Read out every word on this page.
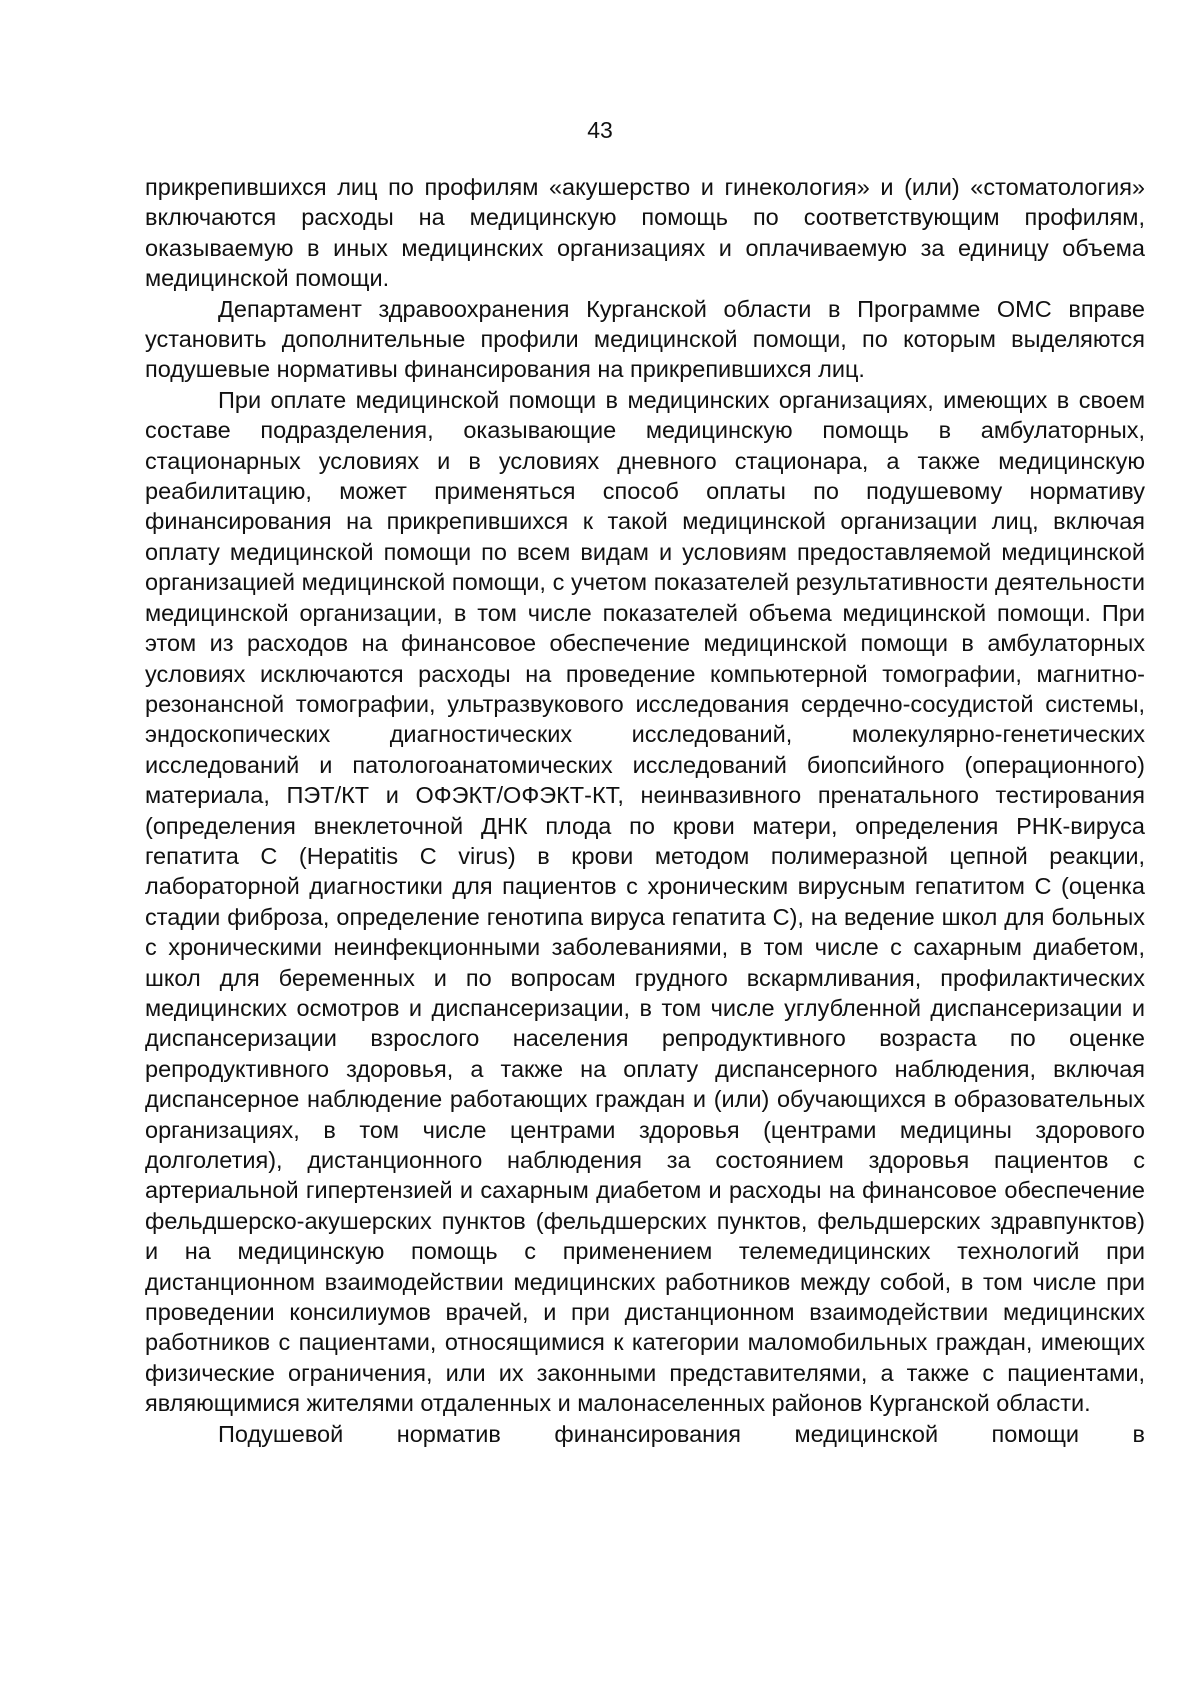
43

прикрепившихся лиц по профилям «акушерство и гинекология» и (или) «стоматология» включаются расходы на медицинскую помощь по соответствующим профилям, оказываемую в иных медицинских организациях и оплачиваемую за единицу объема медицинской помощи.

Департамент здравоохранения Курганской области в Программе ОМС вправе установить дополнительные профили медицинской помощи, по которым выделяются подушевые нормативы финансирования на прикрепившихся лиц.

При оплате медицинской помощи в медицинских организациях, имеющих в своем составе подразделения, оказывающие медицинскую помощь в амбулаторных, стационарных условиях и в условиях дневного стационара, а также медицинскую реабилитацию, может применяться способ оплаты по подушевому нормативу финансирования на прикрепившихся к такой медицинской организации лиц, включая оплату медицинской помощи по всем видам и условиям предоставляемой медицинской организацией медицинской помощи, с учетом показателей результативности деятельности медицинской организации, в том числе показателей объема медицинской помощи. При этом из расходов на финансовое обеспечение медицинской помощи в амбулаторных условиях исключаются расходы на проведение компьютерной томографии, магнитно-резонансной томографии, ультразвукового исследования сердечно-сосудистой системы, эндоскопических диагностических исследований, молекулярно-генетических исследований и патологоанатомических исследований биопсийного (операционного) материала, ПЭТ/КТ и ОФЭКТ/ОФЭКТ-КТ, неинвазивного пренатального тестирования (определения внеклеточной ДНК плода по крови матери, определения РНК-вируса гепатита С (Hepatitis C virus) в крови методом полимеразной цепной реакции, лабораторной диагностики для пациентов с хроническим вирусным гепатитом С (оценка стадии фиброза, определение генотипа вируса гепатита С), на ведение школ для больных с хроническими неинфекционными заболеваниями, в том числе с сахарным диабетом, школ для беременных и по вопросам грудного вскармливания, профилактических медицинских осмотров и диспансеризации, в том числе углубленной диспансеризации и диспансеризации взрослого населения репродуктивного возраста по оценке репродуктивного здоровья, а также на оплату диспансерного наблюдения, включая диспансерное наблюдение работающих граждан и (или) обучающихся в образовательных организациях, в том числе центрами здоровья (центрами медицины здорового долголетия), дистанционного наблюдения за состоянием здоровья пациентов с артериальной гипертензией и сахарным диабетом и расходы на финансовое обеспечение фельдшерско-акушерских пунктов (фельдшерских пунктов, фельдшерских здравпунктов) и на медицинскую помощь с применением телемедицинских технологий при дистанционном взаимодействии медицинских работников между собой, в том числе при проведении консилиумов врачей, и при дистанционном взаимодействии медицинских работников с пациентами, относящимися к категории маломобильных граждан, имеющих физические ограничения, или их законными представителями, а также с пациентами, являющимися жителями отдаленных и малонаселенных районов Курганской области.

Подушевой норматив финансирования медицинской помощи в
